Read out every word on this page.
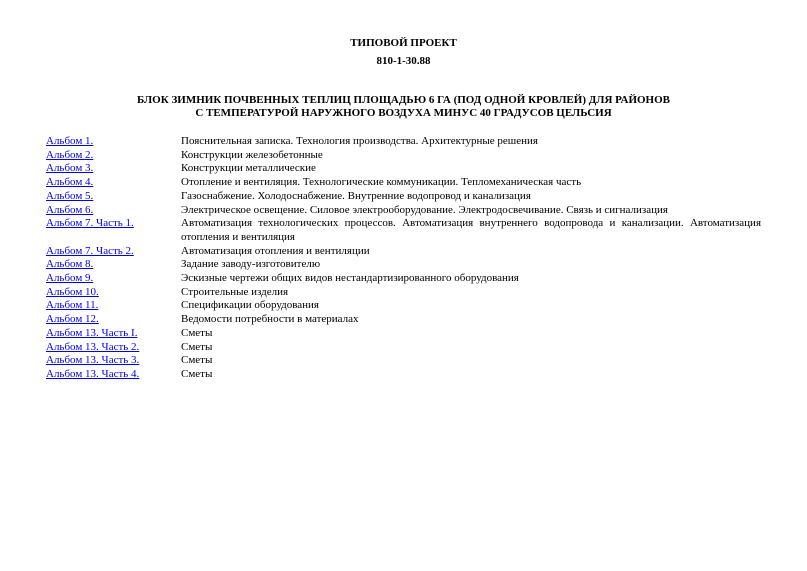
ТИПОВОЙ ПРОЕКТ
810-1-30.88
БЛОК ЗИМНИК ПОЧВЕННЫХ ТЕПЛИЦ ПЛОЩАДЬЮ 6 ГА (ПОД ОДНОЙ КРОВЛЕЙ) ДЛЯ РАЙОНОВ
С ТЕМПЕРАТУРОЙ НАРУЖНОГО ВОЗДУХА МИНУС 40 ГРАДУСОВ ЦЕЛЬСИЯ
Альбом 1.	Пояснительная записка. Технология производства. Архитектурные решения
Альбом 2.	Конструкции железобетонные
Альбом 3.	Конструкции металлические
Альбом 4.	Отопление и вентиляция. Технологические коммуникации. Тепломеханическая часть
Альбом 5.	Газоснабжение. Холодоснабжение. Внутренние водопровод и канализация
Альбом 6.	Электрическое освещение. Силовое электрооборудование. Электродосвечивание. Связь и сигнализация
Альбом 7. Часть 1.	Автоматизация технологических процессов. Автоматизация внутреннего водопровода и канализации. Автоматизация отопления и вентиляция
Альбом 7. Часть 2.	Автоматизация отопления и вентиляции
Альбом 8.	Задание заводу-изготовителю
Альбом 9.	Эскизные чертежи общих видов нестандартизированного оборудования
Альбом 10.	Строительные изделия
Альбом 11.	Спецификации оборудования
Альбом 12.	Ведомости потребности в материалах
Альбом 13. Часть I.	Сметы
Альбом 13. Часть 2.	Сметы
Альбом 13. Часть 3.	Сметы
Альбом 13. Часть 4.	Сметы
